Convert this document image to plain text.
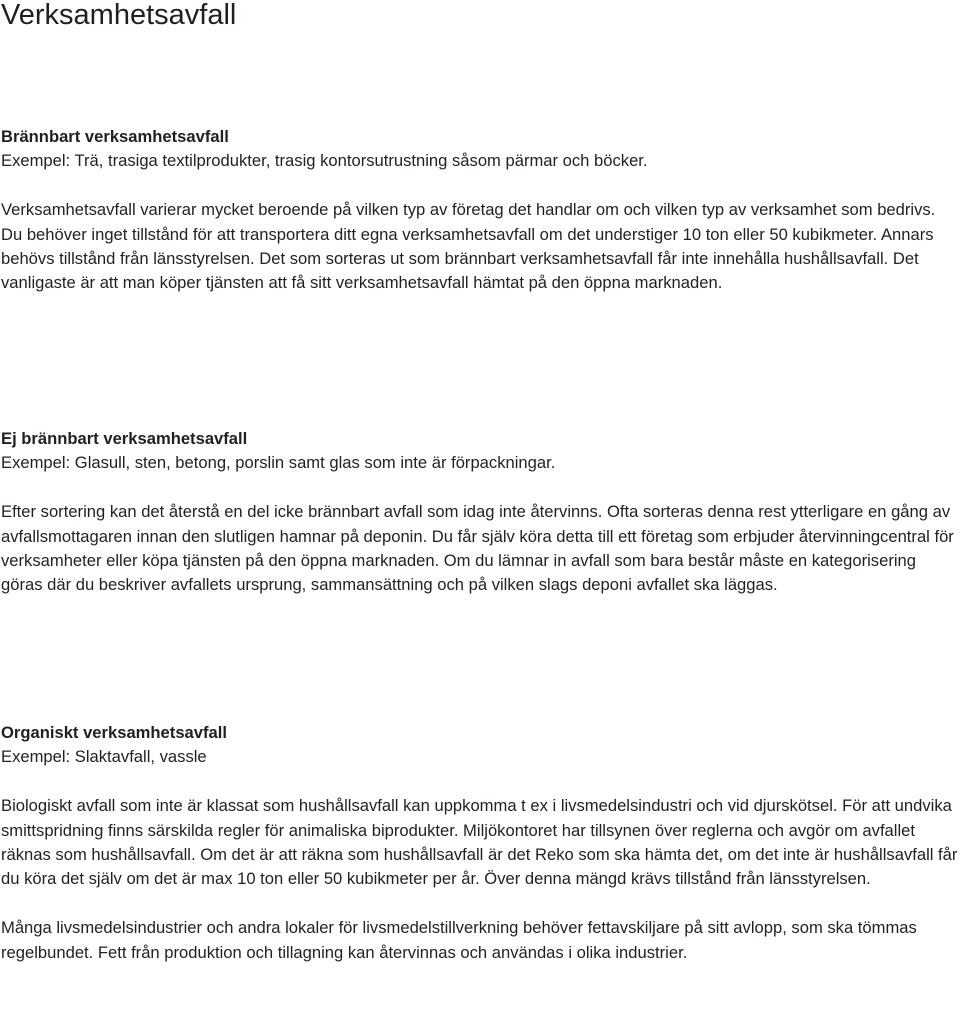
Verksamhetsavfall

Brännbart verksamhetsavfall

Exempel: Trä, trasiga textilprodukter, trasig kontorsutrustning såsom pärmar och böcker.

Verksamhetsavfall varierar mycket beroende på vilken typ av företag det handlar om och vilken typ av verksamhet som bedrivs. Du behöver inget tillstånd för att transportera ditt egna verksamhetsavfall om det understiger 10 ton eller 50 kubikmeter. Annars behövs tillstånd från länsstyrelsen. Det som sorteras ut som brännbart verksamhetsavfall får inte innehålla hushållsavfall. Det vanligaste är att man köper tjänsten att få sitt verksamhetsavfall hämtat på den öppna marknaden.

Ej brännbart verksamhetsavfall

Exempel: Glasull, sten, betong, porslin samt glas som inte är förpackningar.

Efter sortering kan det återstå en del icke brännbart avfall som idag inte återvinns. Ofta sorteras denna rest ytterligare en gång av avfallsmottagaren innan den slutligen hamnar på deponin. Du får själv köra detta till ett företag som erbjuder återvinningcentral för verksamheter eller köpa tjänsten på den öppna marknaden. Om du lämnar in avfall som bara består måste en kategorisering göras där du beskriver avfallets ursprung, sammansättning och på vilken slags deponi avfallet ska läggas.

Organiskt verksamhetsavfall

Exempel: Slaktavfall, vassle

Biologiskt avfall som inte är klassat som hushållsavfall kan uppkomma t ex i livsmedelsindustri och vid djurskötsel. För att undvika smittspridning finns särskilda regler för animaliska biprodukter. Miljökontoret har tillsynen över reglerna och avgör om avfallet räknas som hushållsavfall. Om det är att räkna som hushållsavfall är det Reko som ska hämta det, om det inte är hushållsavfall får du köra det själv om det är max 10 ton eller 50 kubikmeter per år. Över denna mängd krävs tillstånd från länsstyrelsen.

Många livsmedelsindustrier och andra lokaler för livsmedelstillverkning behöver fettavskiljare på sitt avlopp, som ska tömmas regelbundet. Fett från produktion och tillagning kan återvinnas och användas i olika industrier.
